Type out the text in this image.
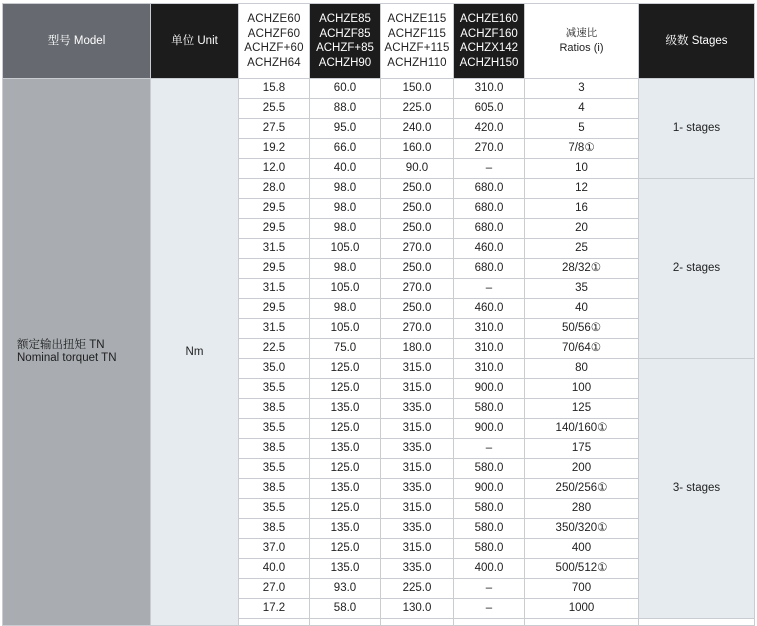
型号 Model	单位 Unit	ACHZE60
ACHZF60
ACHZF+60
ACHZH64	ACHZE85
ACHZF85
ACHZF+85
ACHZH90	ACHZE115
ACHZF115
ACHZF+115
ACHZH110	ACHZE160
ACHZF160
ACHZX142
ACHZH150	减速比
Ratios (i)	级数 Stages

额定输出扭矩 TN
Nominal torquet TN	Nm	15.8	60.0	150.0	310.0	3	1- stages
		25.5	88.0	225.0	605.0	4	
		27.5	95.0	240.0	420.0	5	
		19.2	66.0	160.0	270.0	7/8①	
		12.0	40.0	90.0	–	10	
		28.0	98.0	250.0	680.0	12	2- stages
		29.5	98.0	250.0	680.0	16	
		29.5	98.0	250.0	680.0	20	
		31.5	105.0	270.0	460.0	25	
		29.5	98.0	250.0	680.0	28/32①	
		31.5	105.0	270.0	–	35	
		29.5	98.0	250.0	460.0	40	
		31.5	105.0	270.0	310.0	50/56①	
		22.5	75.0	180.0	310.0	70/64①	
		35.0	125.0	315.0	310.0	80	3- stages
		35.5	125.0	315.0	900.0	100	
		38.5	135.0	335.0	580.0	125	
		35.5	125.0	315.0	900.0	140/160①	
		38.5	135.0	335.0	–	175	
		35.5	125.0	315.0	580.0	200	
		38.5	135.0	335.0	900.0	250/256①	
		35.5	125.0	315.0	580.0	280	
		38.5	135.0	335.0	580.0	350/320①	
		37.0	125.0	315.0	580.0	400	
		40.0	135.0	335.0	400.0	500/512①	
		27.0	93.0	225.0	–	700	
		17.2	58.0	130.0	–	1000	
